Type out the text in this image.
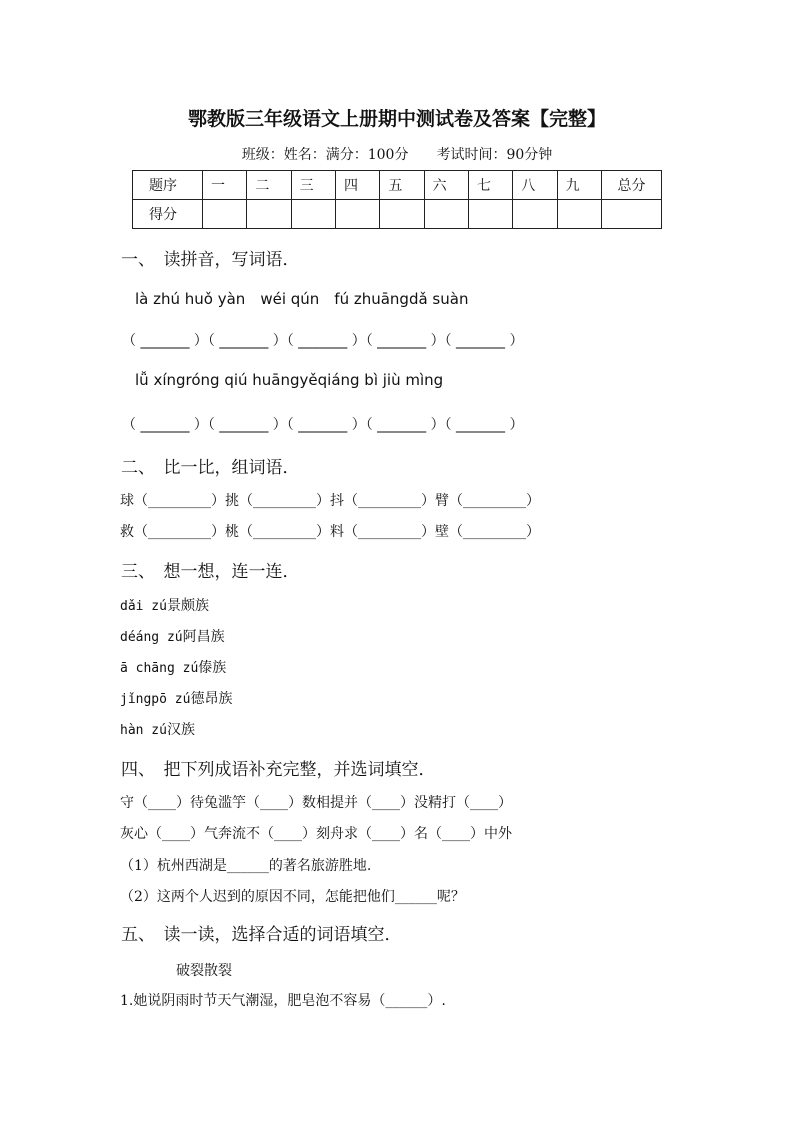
鄂教版三年级语文上册期中测试卷及答案【完整】
班级：姓名：满分：100分　　考试时间：90分钟
题序	一	二	三	四	五	六	七	八	九	总分
得分										
一、　读拼音，写词语．
là zhú huǒ yàn　wéi qún　fú zhuāngdǎ suàn
（ _______ ）（ _______ ）（ _______ ）（ _______ ）（ _______ ）
lǚ xíngróng qiú huāngyěqiáng bì jiù mìng
（ _______ ）（ _______ ）（ _______ ）（ _______ ）（ _______ ）
二、　比一比，组词语．
球（_________）挑（_________）抖（_________）臂（_________）
救（_________）桃（_________）料（_________）壁（_________）
三、　想一想，连一连．
dǎi zú景颇族
déáng zú阿昌族
ā chāng zú傣族
jǐngpō zú德昂族
hàn zú汉族
四、　把下列成语补充完整，并选词填空．
守（____）待兔滥竽（____）数相提并（____）没精打（____）
灰心（____）气奔流不（____）刻舟求（____）名（____）中外
（1）杭州西湖是______的著名旅游胜地.
（2）这两个人迟到的原因不同，怎能把他们______呢？
五、　读一读，选择合适的词语填空．
破裂散裂
1.她说阴雨时节天气潮湿，肥皂泡不容易（______）.
